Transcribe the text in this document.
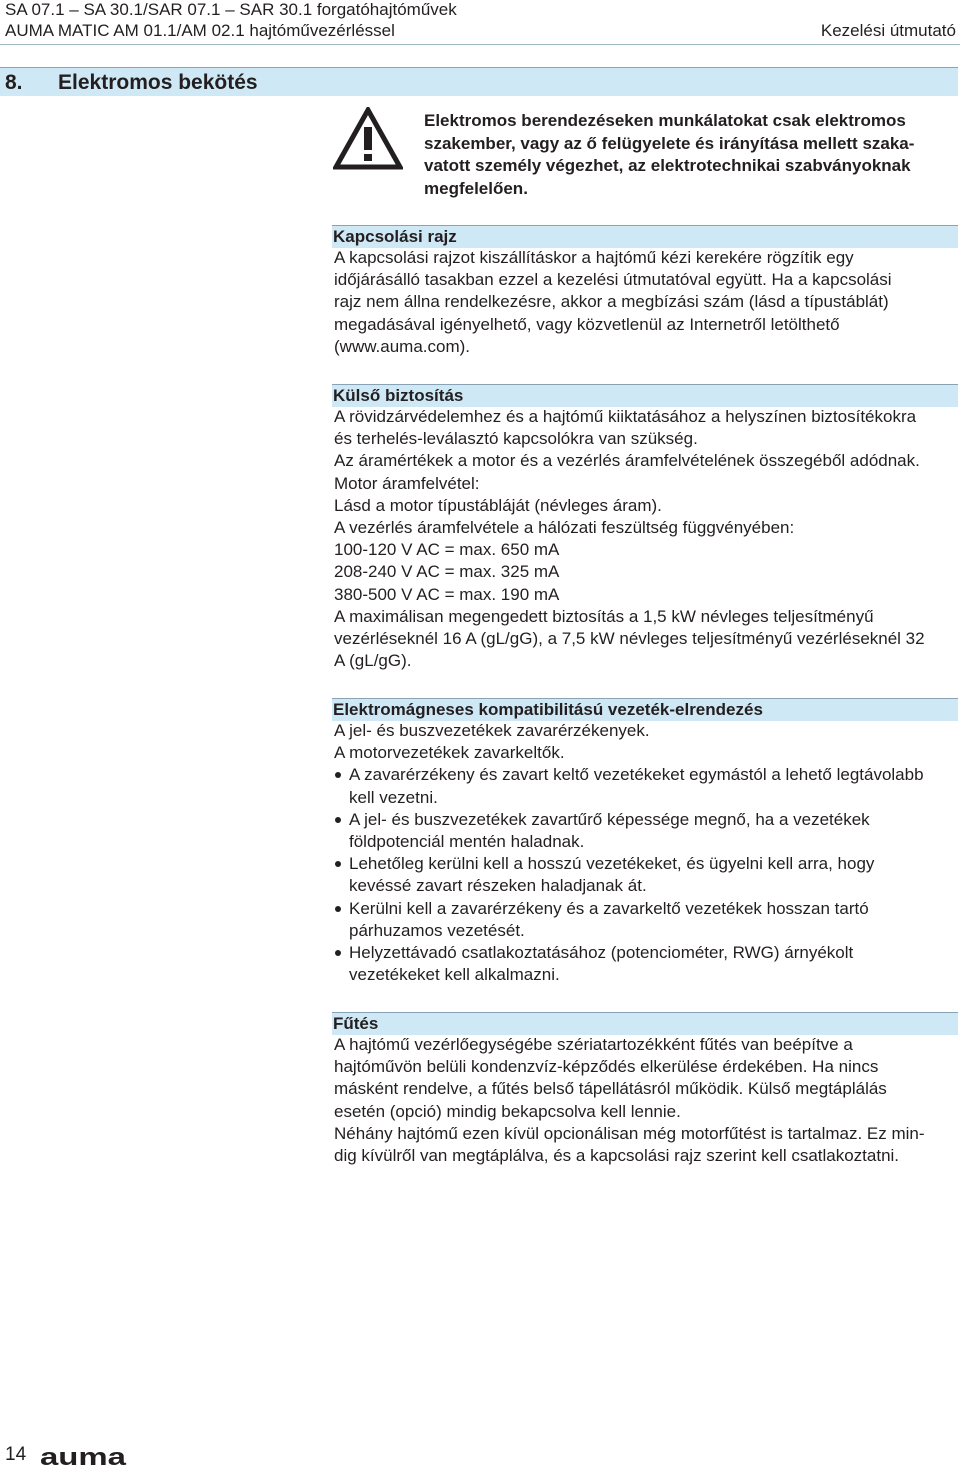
SA 07.1 – SA 30.1/SAR 07.1 – SAR 30.1 forgatóhajtóművek
AUMA MATIC AM 01.1/AM 02.1 hajtóművezérléssel	Kezelési útmutató
8. Elektromos bekötés
Elektromos berendezéseken munkálatokat csak elektromos
szakember, vagy az ő felügyelete és irányítása mellett szaka-
vatott személy végezhet, az elektrotechnikai szabványoknak
megfelelően.
Kapcsolási rajz

A kapcsolási rajzot kiszállításkor a hajtómű kézi kerekére rögzítik egy

időjárásálló tasakban ezzel a kezelési útmutatóval együtt. Ha a kapcsolási

rajz nem állna rendelkezésre, akkor a megbízási szám (lásd a típustáblát)

megadásával igényelhető, vagy közvetlenül az Internetről letölthető

(www.auma.com).

Külső biztosítás

A rövidzárvédelemhez és a hajtómű kiiktatásához a helyszínen biztosítékokra

és terhelés-leválasztó kapcsolókra van szükség.

Az áramértékek a motor és a vezérlés áramfelvételének összegéből adódnak.

Motor áramfelvétel:

Lásd a motor típustábláját (névleges áram).

A vezérlés áramfelvétele a hálózati feszültség függvényében:

100-120 V AC = max. 650 mA

208-240 V AC = max. 325 mA

380-500 V AC = max. 190 mA

A maximálisan megengedett biztosítás a 1,5 kW névleges teljesítményű

vezérléseknél 16 A (gL/gG), a 7,5 kW névleges teljesítményű vezérléseknél 32

A (gL/gG).

Elektromágneses kompatibilitású vezeték-elrendezés

A jel- és buszvezetékek zavarérzékenyek.

A motorvezetékek zavarkeltők.

A zavarérzékeny és zavart keltő vezetékeket egymástól a lehető legtávolabb
kell vezetni.
A jel- és buszvezetékek zavartűrő képessége megnő, ha a vezetékek
földpotenciál mentén haladnak.
Lehetőleg kerülni kell a hosszú vezetékeket, és ügyelni kell arra, hogy
kevéssé zavart részeken haladjanak át.
Kerülni kell a zavarérzékeny és a zavarkeltő vezetékek hosszan tartó
párhuzamos vezetését.
Helyzettávadó csatlakoztatásához (potenciométer, RWG) árnyékolt
vezetékeket kell alkalmazni.
Fűtés

A hajtómű vezérlőegységébe szériatartozékként fűtés van beépítve a

hajtóművön belüli kondenzvíz-képződés elkerülése érdekében. Ha nincs

másként rendelve, a fűtés belső tápellátásról működik. Külső megtáplálás

esetén (opció) mindig bekapcsolva kell lennie.

Néhány hajtómű ezen kívül opcionálisan még motorfűtést is tartalmaz. Ez min-

dig kívülről van megtáplálva, és a kapcsolási rajz szerint kell csatlakoztatni.

14 auma
